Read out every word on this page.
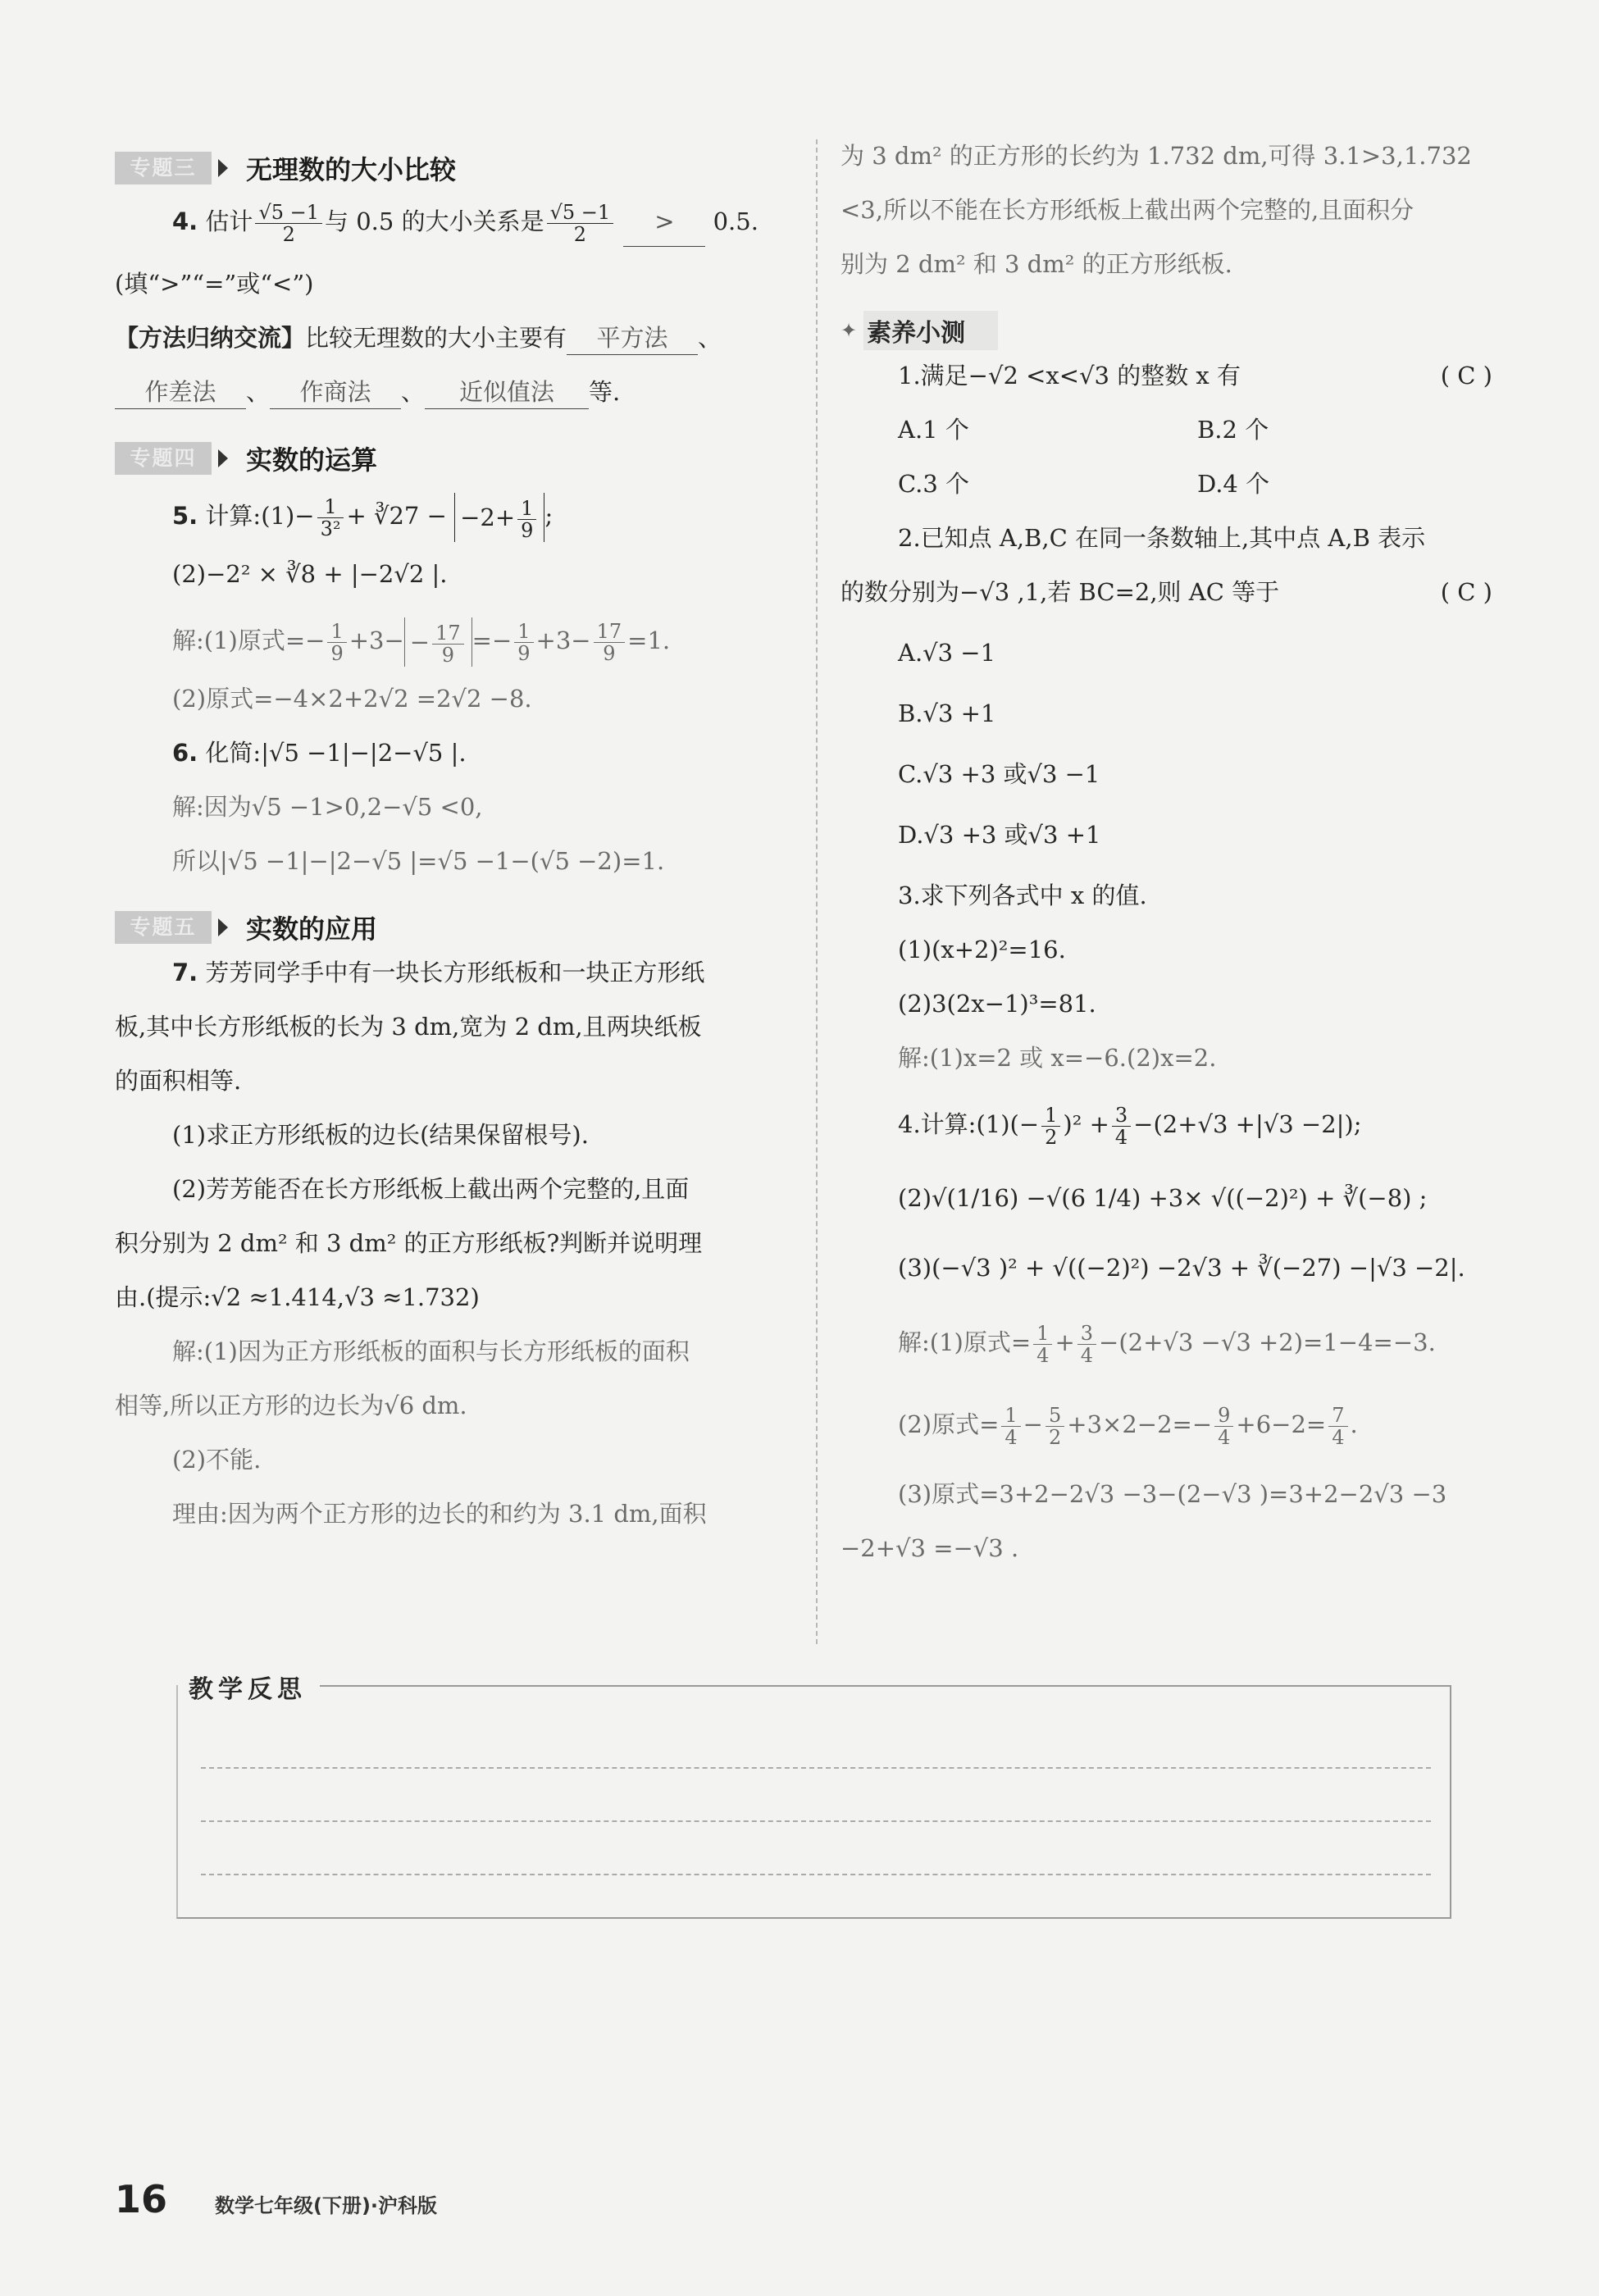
专题三	无理数的大小比较
4. 估计 $\frac{√5 -1}{2}$ 与 0.5 的大小关系是 $\frac{√5 -1}{2} > 0.5$.
(填“>”“=”或“<”)
【方法归纳交流】比较无理数的大小主要有 平方法 、
作差法 、 作商法 、 近似值法 等.
专题四	实数的运算
5. 计算:(1)− $\frac{1}{\text{3²}}$ + ∛27 − $-2+ \frac{1}{9}$ ;
(2)−2² × ∛8 + |−2√2 |.
解:(1)原式=− $\frac{1}{9} +3- - \frac{17}{9} =- \frac{1}{9} +3- \frac{17}{9} =1$.
(2)原式=−4×2+2√2 =2√2 −8.
6. 化简:|√5 −1|−|2−√5 |.
解:因为√5 −1>0,2−√5 <0,
所以|√5 −1|−|2−√5 |=√5 −1−(√5 −2)=1.
专题五	实数的应用
7. 芳芳同学手中有一块长方形纸板和一块正方形纸
板,其中长方形纸板的长为 3 dm,宽为 2 dm,且两块纸板
的面积相等.
(1)求正方形纸板的边长(结果保留根号).
(2)芳芳能否在长方形纸板上截出两个完整的,且面
积分别为 2 dm² 和 3 dm² 的正方形纸板?判断并说明理
由.(提示:√2 ≈1.414,√3 ≈1.732)
解:(1)因为正方形纸板的面积与长方形纸板的面积
相等,所以正方形的边长为√6 dm.
(2)不能.
理由:因为两个正方形的边长的和约为 3.1 dm,面积
为 3 dm² 的正方形的长约为 1.732 dm,可得 3.1>3,1.732
<3,所以不能在长方形纸板上截出两个完整的,且面积分
别为 2 dm² 和 3 dm² 的正方形纸板.
✦ 素养小测
1.满足−√2 <x<√3 的整数 x 有	( C )
A.1 个	B.2 个
C.3 个	D.4 个
2.已知点 A,B,C 在同一条数轴上,其中点 A,B 表示
的数分别为−√3 ,1,若 BC=2,则 AC 等于	( C )
A.√3 −1
B.√3 +1
C.√3 +3 或√3 −1
D.√3 +3 或√3 +1
3.求下列各式中 x 的值.
(1)(x+2)²=16.
(2)3(2x−1)³=81.
解:(1)x=2 或 x=−6.(2)x=2.
4.计算:(1)(− $\frac{1}{2} )^2 + \frac{3}{4} -(2+√3 +|√3 -2|)$;
(2)√(1/16) −√(6 1/4) +3× √((−2)²) + ∛(−8) ;
(3)(−√3 )² + √((−2)²) −2√3 + ∛(−27) −|√3 −2|.
解:(1)原式= $\frac{1}{4} + \frac{3}{4} -(2+√3 -√3 +2)=1-4=-3$.
(2)原式= $\frac{1}{4} - \frac{5}{2} +3\times 2-2=- \frac{9}{4} +6-2= \frac{7}{4}$ .
(3)原式=3+2−2√3 −3−(2−√3 )=3+2−2√3 −3
−2+√3 =−√3 .
教学反思
16 数学七年级(下册)·沪科版
